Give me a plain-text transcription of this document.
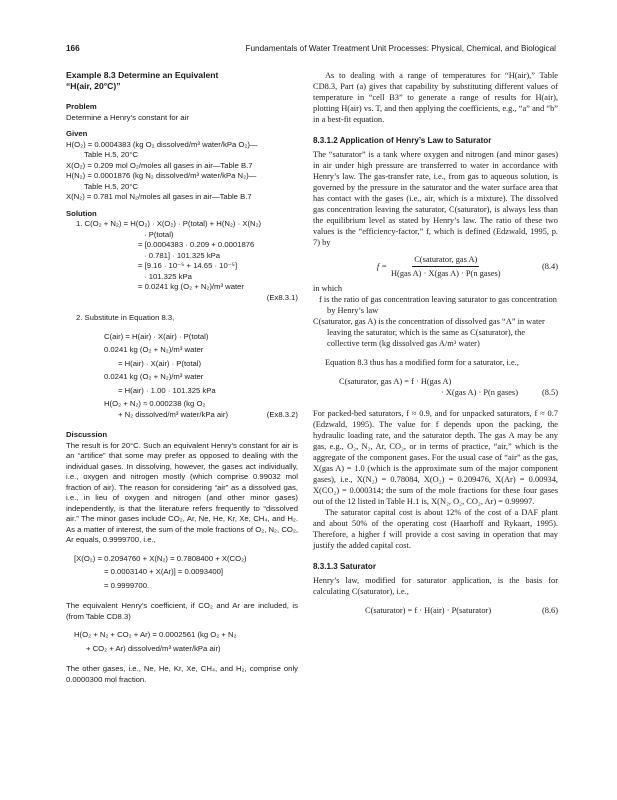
166	Fundamentals of Water Treatment Unit Processes: Physical, Chemical, and Biological

Example 8.3 Determine an Equivalent

“H(air, 20°C)”

Problem

Determine a Henry’s constant for air

Given

H(O₂) = 0.0004383 (kg O₂ dissolved/m³ water/kPa O₂)—

Table H.5, 20°C

X(O₂) = 0.209 mol O₂/moles all gases in air—Table B.7

H(N₂) = 0.0001876 (kg N₂ dissolved/m³ water/kPa N₂)—

Table H.5, 20°C

X(N₂) = 0.781 mol N₂/moles all gases in air—Table B.7

Solution

1. C(O₂ + N₂) = H(O₂) · X(O₂) · P(total) + H(N₂) · X(N₂)

· P(total)

= [0.0004383 · 0.209 + 0.0001876

· 0.781] · 101.325 kPa

= [9.16 · 10⁻⁵ + 14.65 · 10⁻⁵]

· 101.325 kPa

= 0.0241 kg (O₂ + N₂)/m³ water

(Ex8.3.1)

2. Substitute in Equation 8.3,

C(air) = H(air) · X(air) · P(total)

0.0241 kg (O₂ + N₂)/m³ water

= H(air) · X(air) · P(total)

0.0241 kg (O₂ + N₂)/m³ water

= H(air) · 1.00 · 101.325 kPa

H(O₂ + N₂) ≈ 0.000238 (kg O₂

+ N₂ dissolved/m³ water/kPa air)	(Ex8.3.2)

Discussion

The result is for 20°C. Such an equivalent Henry’s constant for air is an “artifice” that some may prefer as opposed to dealing with the individual gases. In dissolving, however, the gases act individually, i.e., oxygen and nitrogen mostly (which comprise 0.99032 mol fraction of air). The reason for considering “air” as a dissolved gas, i.e., in lieu of oxygen and nitrogen (and other minor gases) independently, is that the literature refers frequently to “dissolved air.” The minor gases include CO₂, Ar, Ne, He, Kr, Xe, CH₄, and H₂. As a matter of interest, the sum of the mole fractions of O₂, N₂, CO₂, Ar equals, 0.9999700, i.e.,

[X(O₂) = 0.2094760 + X(N₂) = 0.7808400 + X(CO₂)

= 0.0003140 + X(Ar)] = 0.0093400]

= 0.9999700.

The equivalent Henry’s coefficient, if CO₂ and Ar are included, is (from Table CD8.3)

H(O₂ + N₂ + CO₂ + Ar) = 0.0002561 (kg O₂ + N₂

+ CO₂ + Ar) dissolved/m³ water/kPa air)

The other gases, i.e., Ne, He, Kr, Xe, CH₄, and H₂, comprise only 0.0000300 mol fraction.

As to dealing with a range of temperatures for “H(air),” Table CD8.3, Part (a) gives that capability by substituting different values of temperature in “cell B3” to generate a range of results for H(air), plotting H(air) vs. T, and then applying the coefficients, e.g., “a” and “b” in a best-fit equation.

8.3.1.2 Application of Henry’s Law to Saturator

The “saturator” is a tank where oxygen and nitrogen (and minor gases) in air under high pressure are transferred to water in accordance with Henry’s law. The gas-transfer rate, i.e., from gas to aqueous solution, is governed by the pressure in the saturator and the water surface area that has contact with the gases (i.e., air, which is a mixture). The dissolved gas concentration leaving the saturator, C(saturator), is always less than the equilibrium level as stated by Henry’s law. The ratio of these two values is the “efficiency-factor,” f, which is defined (Edzwald, 1995, p. 7) by

$f = \frac{\text{C(saturator, gas A)}}{\text{H(gas A) · X(gas A) · P(n gases)}}$	(8.4)

in which

f is the ratio of gas concentration leaving saturator to gas concentration by Henry’s law

C(saturator, gas A) is the concentration of dissolved gas “A” in water leaving the saturator, which is the same as C(saturator), the collective term (kg dissolved gas A/m³ water)

Equation 8.3 thus has a modified form for a saturator, i.e.,

C(saturator, gas A) = f · H(gas A)

· X(gas A) · P(n gases)	(8.5)

For packed-bed saturators, f ≈ 0.9, and for unpacked saturators, f ≈ 0.7 (Edzwald, 1995). The value for f depends upon the packing, the hydraulic loading rate, and the saturator depth. The gas A may be any gas, e.g., O₂, N₂, Ar, CO₂, or in terms of practice, “air,” which is the aggregate of the component gases. For the usual case of “air” as the gas, X(gas A) = 1.0 (which is the approximate sum of the major component gases), i.e., X(N₂) = 0.78084, X(O₂) = 0.209476, X(Ar) = 0.00934, X(CO₂) = 0.000314; the sum of the mole fractions for these four gases out of the 12 listed in Table H.1 is, X(N₂, O₂, CO₂, Ar) = 0.99997.

The saturator capital cost is about 12% of the cost of a DAF plant and about 50% of the operating cost (Haarhoff and Rykaart, 1995). Therefore, a higher f will provide a cost saving in operation that may justify the added capital cost.

8.3.1.3 Saturator

Henry’s law, modified for saturator application, is the basis for calculating C(saturator), i.e.,

C(saturator) = f · H(air) · P(saturator)	(8.6)
